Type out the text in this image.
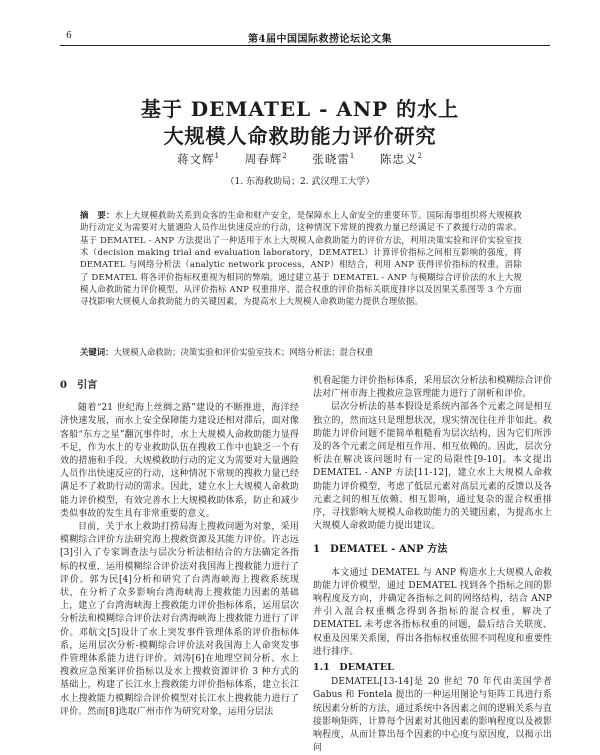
6	第4届中国国际救捞论坛论文集
基于 DEMATEL - ANP 的水上
大规模人命救助能力评价研究
蒋文辉$^1$ 周春辉$^2$ 张晓雷$^1$ 陈忠义$^2$
（1. 东海救助局；2. 武汉理工大学）
摘　要：水上大规模救助关系到众客的生命和财产安全，是保障水上人命安全的重要环节。国际海事组织将大规模救助行动定义为需要对大量遇险人员作出快速反应的行动，这种情况下常规的搜救力量已经满足不了救援行动的需求。基于 DEMATEL - ANP 方法提出了一种适用于水上大规模人命救助能力的评价方法，利用决策实验和评价实验室技术（decision making trial and evaluation laboratory，DEMATEL）计算评价指标之间相互影响的强度，将 DEMATEL 与网络分析法（analytic network process，ANP）相结合，利用 ANP 获得评价指标的权重，消除了 DEMATEL 将各评价指标权重视为相同的弊端。通过建立基于 DEMATEL - ANP 与模糊综合评价法的水上大规模人命救助能力评价模型，从评价指标 ANP 权重排序、混合权重的评价指标关联度排序以及因果关系图等 3 个方面寻找影响大规模人命救助能力的关键因素，为提高水上大规模人命救助能力提供合理依据。
关键词：大规模人命救助；决策实验和评价实验室技术；网络分析法；混合权重
0　引言

随着“21 世纪海上丝绸之路”建设的不断推进，海洋经济快速发展，而水上安全保障能力建设还相对滞后，面对像客船“东方之星”翻沉事件时，水上大规模人命救助能力显得不足，作为水上的专业救助队伍在搜救工作中也缺乏一个有效的措施和手段。大规模救助行动的定义为需要对大量遇险人员作出快速反应的行动，这种情况下常规的搜救力量已经满足不了救助行动的需求。因此，建立水上大规模人命救助能力评价模型，有效完善水上大规模救助体系，防止和减少类似事故的发生具有非常重要的意义。

目前，关于水上救助打捞局海上搜救问题为对象，采用模糊综合评价方法研究海上搜救资源及其能力评价。许志远[3]引入了专家调查法与层次分析法相结合的方法确定各指标的权重，运用模糊综合评价法对我国海上搜救能力进行了评价。郭为民[4]分析和研究了台湾海峡海上搜救系统现状，在分析了众多影响台湾海峡海上搜救能力因素的基础上，建立了台湾海峡海上搜救能力评价指标体系，运用层次分析法和模糊综合评价法对台湾海峡海上搜救能力进行了评价。邓航文[5]设计了水上突发事件管理体系的评价指标体系，运用层次分析-模糊综合评价法对我国海上人命突发事件管理体系能力进行评价。刘涛[6]在地理空间分析、水上搜救应急预案评价指标以及水上搜救资源评价 3 种方式的基础上，构建了长江水上搜救能力评价指标体系，建立长江水上搜救能力模糊综合评价模型对长江水上搜救能力进行了评价。然而[8]选取广州市作为研究对象，运用分层法

机看起能力评价指标体系，采用层次分析法和模糊综合评价法对广州市海上搜救应急管理能力进行了剖析和评价。

层次分析法的基本假设是系统内部各个元素之间是相互独立的，然而这只是理想状况，现实情况往往并非如此。救助能力评价问题不能简单粗糙看为层次结构，因为它们所涉及的各个元素之间是相互作用、相互依赖的。因此，层次分析法在解决该问题时有一定的局限性[9-10]。本文提出 DEMATEL - ANP 方法[11-12]，建立水上大规模人命救助能力评价模型，考虑了低层元素对高层元素的反馈以及各元素之间的相互依赖、相互影响，通过复杂的混合权重排序，寻找影响大规模人命救助能力的关键因素，为提高水上大规模人命救助能力提出建议。

1　DEMATEL - ANP 方法

本文通过 DEMATEL 与 ANP 构造水上大规模人命救助能力评价模型，通过 DEMATEL 找到各个指标之间的影响程度及方向，并确定各指标之间的网络结构，结合 ANP 并引入混合权重概念得到各指标的混合权重，解决了 DEMATEL 未考虑各指标权重的问题，最后结合关联度、权重及因果关系图，得出各指标权重依照不同程度和重要性进行排序。

1.1　DEMATEL

DEMATEL[13-14]是 20 世纪 70 年代由美国学者 Gabus 和 Fontela 提出的一种运用图论与矩阵工具进行系统因素分析的方法，通过系统中各因素之间的逻辑关系与直接影响矩阵，计算每个因素对其他因素的影响程度以及被影响程度，从而计算出每个因素的中心度与原因度，以揭示出问
